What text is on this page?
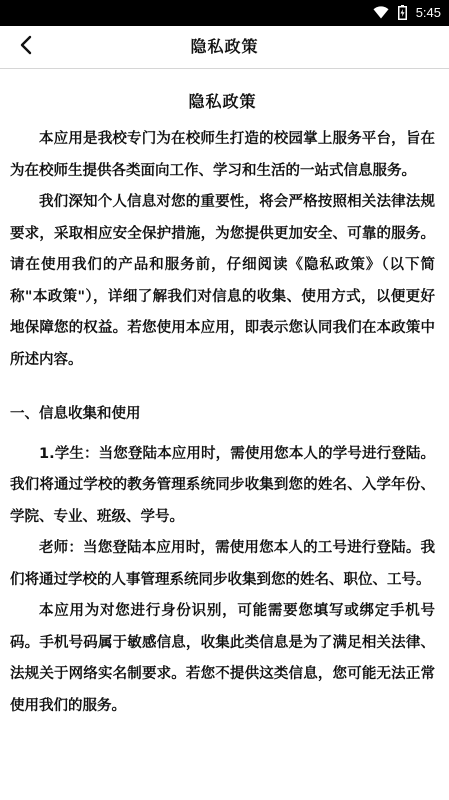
5:45
隐私政策
隐私政策

本应用是我校专门为在校师生打造的校园掌上服务平台，旨在为在校师生提供各类面向工作、学习和生活的一站式信息服务。

我们深知个人信息对您的重要性，将会严格按照相关法律法规要求，采取相应安全保护措施，为您提供更加安全、可靠的服务。请在使用我们的产品和服务前，仔细阅读《隐私政策》（以下简称"本政策"），详细了解我们对信息的收集、使用方式，以便更好地保障您的权益。若您使用本应用，即表示您认同我们在本政策中所述内容。

一、信息收集和使用

1.学生：当您登陆本应用时，需使用您本人的学号进行登陆。我们将通过学校的教务管理系统同步收集到您的姓名、入学年份、学院、专业、班级、学号。

老师：当您登陆本应用时，需使用您本人的工号进行登陆。我们将通过学校的人事管理系统同步收集到您的姓名、职位、工号。

本应用为对您进行身份识别，可能需要您填写或绑定手机号码。手机号码属于敏感信息，收集此类信息是为了满足相关法律、法规关于网络实名制要求。若您不提供这类信息，您可能无法正常使用我们的服务。
